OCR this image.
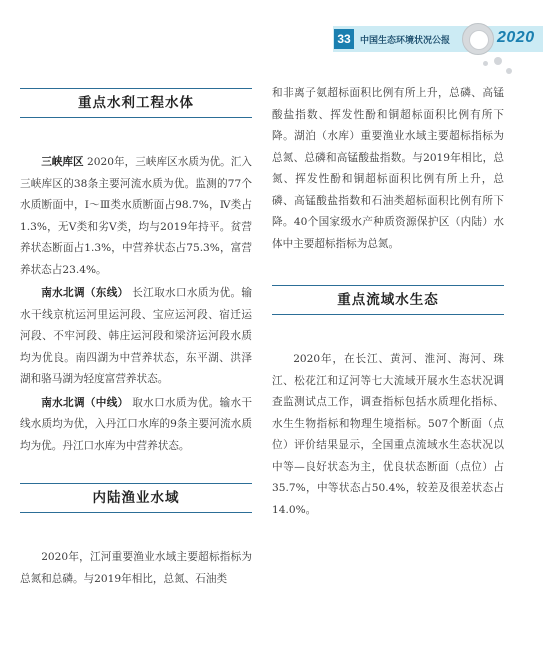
33	中国生态环境状况公报	2020
重点水利工程水体

三峡库区 2020年，三峡库区水质为优。汇入三峡库区的38条主要河流水质为优。监测的77个水质断面中，Ⅰ～Ⅲ类水质断面占98.7%，Ⅳ类占1.3%，无Ⅴ类和劣Ⅴ类，均与2019年持平。贫营养状态断面占1.3%，中营养状态占75.3%，富营养状态占23.4%。

南水北调（东线） 长江取水口水质为优。输水干线京杭运河里运河段、宝应运河段、宿迁运河段、不牢河段、韩庄运河段和梁济运河段水质均为优良。南四湖为中营养状态，东平湖、洪泽湖和骆马湖为轻度富营养状态。

南水北调（中线） 取水口水质为优。输水干线水质均为优，入丹江口水库的9条主要河流水质均为优。丹江口水库为中营养状态。

内陆渔业水域

2020年，江河重要渔业水域主要超标指标为总氮和总磷。与2019年相比，总氮、石油类

和非离子氨超标面积比例有所上升，总磷、高锰酸盐指数、挥发性酚和铜超标面积比例有所下降。湖泊（水库）重要渔业水域主要超标指标为总氮、总磷和高锰酸盐指数。与2019年相比，总氮、挥发性酚和铜超标面积比例有所上升，总磷、高锰酸盐指数和石油类超标面积比例有所下降。40个国家级水产种质资源保护区（内陆）水体中主要超标指标为总氮。

重点流域水生态

2020年，在长江、黄河、淮河、海河、珠江、松花江和辽河等七大流域开展水生态状况调查监测试点工作，调查指标包括水质理化指标、水生生物指标和物理生境指标。507个断面（点位）评价结果显示，全国重点流域水生态状况以中等—良好状态为主，优良状态断面（点位）占35.7%，中等状态占50.4%，较差及很差状态占14.0%。
